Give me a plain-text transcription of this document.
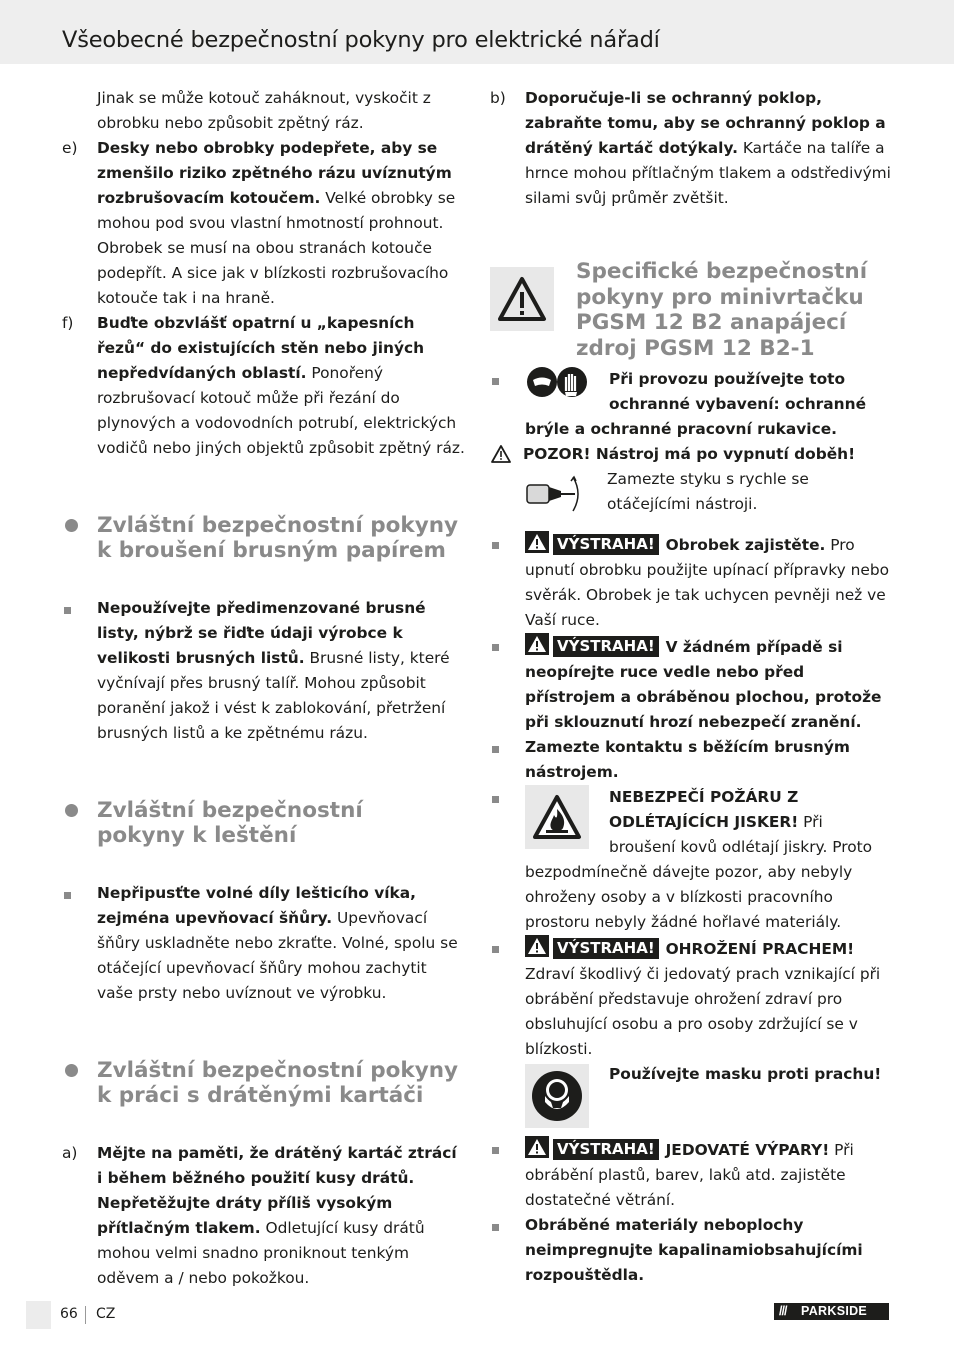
Všeobecné bezpečnostní pokyny pro elektrické nářadí
Jinak se může kotouč zaháknout, vyskočit z obrobku nebo způsobit zpětný ráz.
e) Desky nebo obrobky podepřete, aby se zmenšilo riziko zpětného rázu uvíznutým rozbrušovacím kotoučem. Velké obrobky se mohou pod svou vlastní hmotností prohnout. Obrobek se musí na obou stranách kotouče podepřít. A sice jak v blízkosti rozbrušovacího kotouče tak i na hraně.
f) Buďte obzvlášť opatrní u „kapesních řezů“ do existujících stěn nebo jiných nepředvídaných oblastí. Ponořený rozbrušovací kotouč může při řezání do plynových a vodovodních potrubí, elektrických vodičů nebo jiných objektů způsobit zpětný ráz.
Zvláštní bezpečnostní pokyny k broušení brusným papírem
Nepoužívejte předimenzované brusné listy, nýbrž se řiďte údaji výrobce k velikosti brusných listů. Brusné listy, které vyčnívají přes brusný talíř. Mohou způsobit poranění jakož i vést k zablokování, přetržení brusných listů a ke zpětnému rázu.
Zvláštní bezpečnostní pokyny k leštění
Nepřipusťte volné díly lešticího víka, zejména upevňovací šňůry. Upevňovací šňůry uskladněte nebo zkraťte. Volné, spolu se otáčející upevňovací šňůry mohou zachytit vaše prsty nebo uvíznout ve výrobku.
Zvláštní bezpečnostní pokyny k práci s drátěnými kartáči
a) Mějte na paměti, že drátěný kartáč ztrácí i během běžného použití kusy drátů. Nepřetěžujte dráty příliš vysokým přítlačným tlakem. Odletující kusy drátů mohou velmi snadno proniknout tenkým oděvem a / nebo pokožkou.
b) Doporučuje-li se ochranný poklop, zabraňte tomu, aby se ochranný poklop a drátěný kartáč dotýkaly. Kartáče na talíře a hrnce mohou přítlačným tlakem a odstředivými silami svůj průměr zvětšit.
Specifické bezpečnostní pokyny pro minivrtačku PGSM 12 B2 anapájecí zdroj PGSM 12 B2-1
Při provozu používejte toto ochranné vybavení: ochranné brýle a ochranné pracovní rukavice.
POZOR! Nástroj má po vypnutí doběh!
Zamezte styku s rychle se otáčejícími nástroji.
VÝSTRAHA! Obrobek zajistěte. Pro upnutí obrobku použijte upínací přípravky nebo svěrák. Obrobek je tak uchycen pevněji než ve Vaší ruce.
VÝSTRAHA! V žádném případě si neopírejte ruce vedle nebo před přístrojem a obráběnou plochou, protože při sklouznutí hrozí nebezpečí zranění.
Zamezte kontaktu s běžícím brusným nástrojem.
NEBEZPEČÍ POŽÁRU Z ODLÉTAJÍCÍCH JISKER! Při broušení kovů odlétají jiskry. Proto bezpodmínečně dávejte pozor, aby nebyly ohroženy osoby a v blízkosti pracovního prostoru nebyly žádné hořlavé materiály.
VÝSTRAHA! OHROŽENÍ PRACHEM!
Zdraví škodlivý či jedovatý prach vznikající při obrábění představuje ohrožení zdraví pro obsluhující osobu a pro osoby zdržující se v blízkosti.
Používejte masku proti prachu!
VÝSTRAHA! JEDOVATÉ VÝPARY! Při obrábění plastů, barev, laků atd. zajistěte dostatečné větrání.
Obráběné materiály neboplochy neimpregnujte kapalinamiobsahujícími rozpouštědla.
66 CZ	/// PARKSIDE
